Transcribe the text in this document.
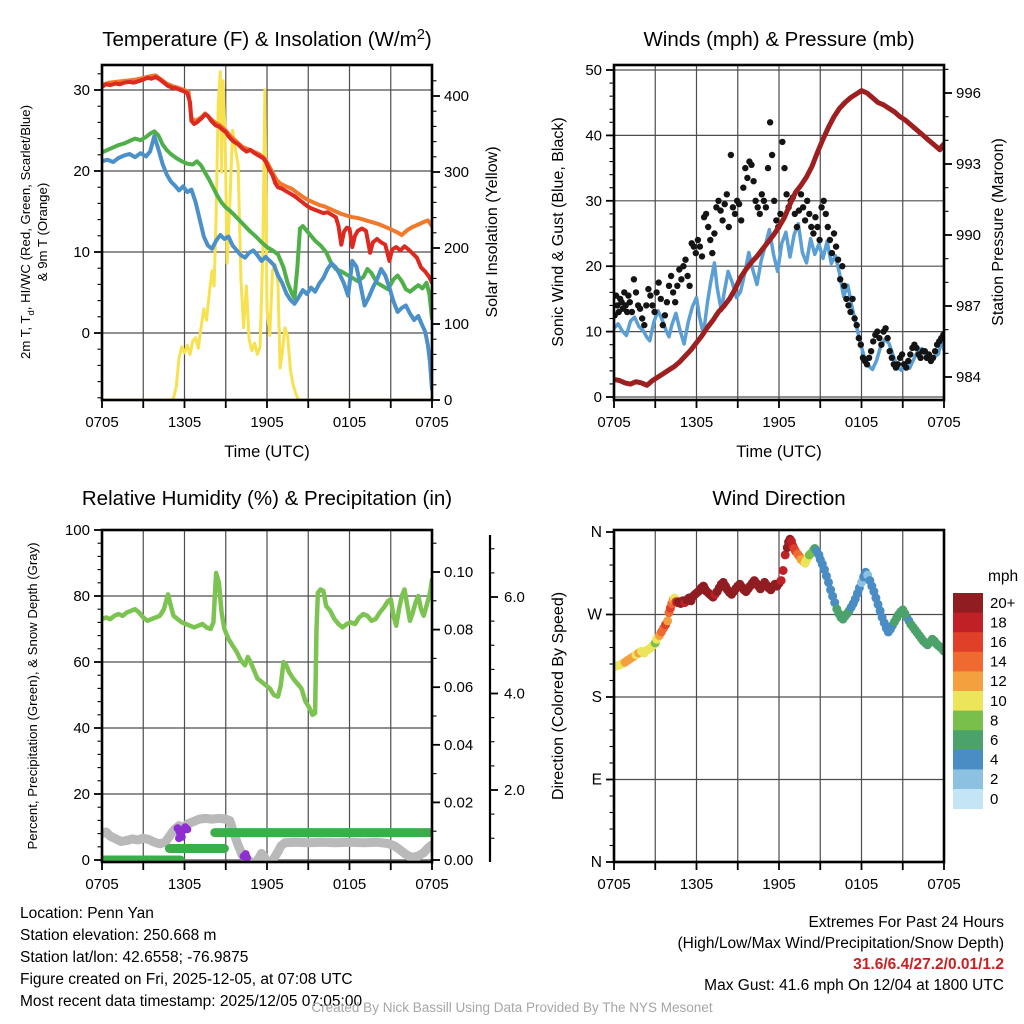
0705	1305	1905	0105	0705
0
10
20
30
0
100
200
300
400
Temperature (F) & Insolation $(W/m^2)$
Time (UTC)
2m T, $T_d$, HI/WC (Red, Green, Scarlet/Blue) & 9m T (Orange)	Solar Insolation (Yellow)
0705	1305	1905	0105	0705
0
10
20
30
40
50
984
987
990
993
996
Winds (mph) & Pressure (mb)
Time (UTC)
Sonic Wind & Gust (Blue, Black)	Station Pressure (Maroon)
0705	1305	1905	0105	0705
0
20
40
60
80
100
0.00
0.02
0.04
0.06
0.08
0.10
2.0
4.0
6.0
Relative Humidity (%) & Precipitation (in)
Percent, Precipitation (Green), & Snow Depth (Gray)
0705	1305	1905	0105	0705
N
W
S
E
N
20+
18
16
14
12
10
8
6
4
2
0
mph
Wind Direction
Direction (Colored By Speed)
Location: Penn Yan
Station elevation: 250.668 m
Station lat/lon: 42.6558; -76.9875
Figure created on Fri, 2025-12-05, at 07:08 UTC
Most recent data timestamp: 2025/12/05 07:05:00
Extremes For Past 24 Hours
(High/Low/Max Wind/Precipitation/Snow Depth)
31.6/6.4/27.2/0.01/1.2
Max Gust: 41.6 mph On 12/04 at 1800 UTC
Created By Nick Bassill Using Data Provided By The NYS Mesonet
